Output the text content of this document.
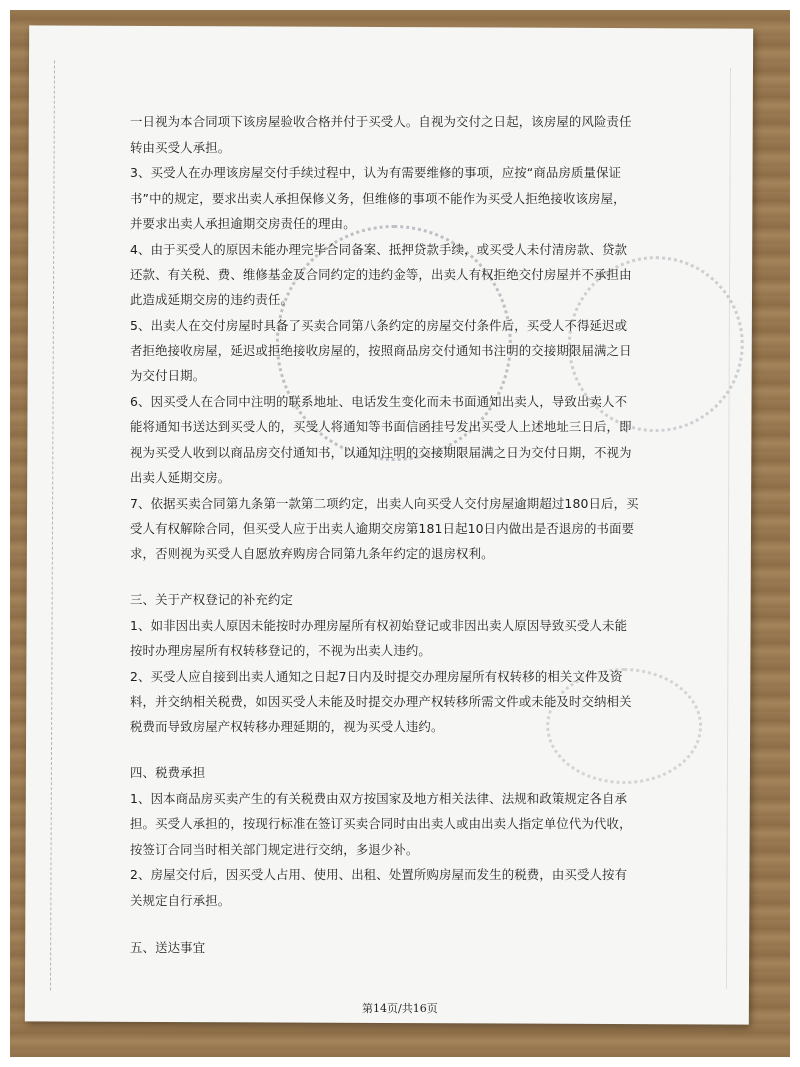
一日视为本合同项下该房屋验收合格并付于买受人。自视为交付之日起，该房屋的风险责任
转由买受人承担。
3、买受人在办理该房屋交付手续过程中，认为有需要维修的事项，应按“商品房质量保证
书”中的规定，要求出卖人承担保修义务，但维修的事项不能作为买受人拒绝接收该房屋，
并要求出卖人承担逾期交房责任的理由。
4、由于买受人的原因未能办理完毕合同备案、抵押贷款手续，或买受人未付清房款、贷款
还款、有关税、费、维修基金及合同约定的违约金等，出卖人有权拒绝交付房屋并不承担由
此造成延期交房的违约责任。
5、出卖人在交付房屋时具备了买卖合同第八条约定的房屋交付条件后，买受人不得延迟或
者拒绝接收房屋，延迟或拒绝接收房屋的，按照商品房交付通知书注明的交接期限届满之日
为交付日期。
6、因买受人在合同中注明的联系地址、电话发生变化而未书面通知出卖人，导致出卖人不
能将通知书送达到买受人的，买受人将通知等书面信函挂号发出买受人上述地址三日后，即
视为买受人收到以商品房交付通知书，以通知注明的交接期限届满之日为交付日期，不视为
出卖人延期交房。
7、依据买卖合同第九条第一款第二项约定，出卖人向买受人交付房屋逾期超过180日后，买
受人有权解除合同，但买受人应于出卖人逾期交房第181日起10日内做出是否退房的书面要
求，否则视为买受人自愿放弃购房合同第九条年约定的退房权利。
三、关于产权登记的补充约定
1、如非因出卖人原因未能按时办理房屋所有权初始登记或非因出卖人原因导致买受人未能
按时办理房屋所有权转移登记的，不视为出卖人违约。
2、买受人应自接到出卖人通知之日起7日内及时提交办理房屋所有权转移的相关文件及资
料，并交纳相关税费，如因买受人未能及时提交办理产权转移所需文件或未能及时交纳相关
税费而导致房屋产权转移办理延期的，视为买受人违约。
四、税费承担
1、因本商品房买卖产生的有关税费由双方按国家及地方相关法律、法规和政策规定各自承
担。买受人承担的，按现行标准在签订买卖合同时由出卖人或由出卖人指定单位代为代收，
按签订合同当时相关部门规定进行交纳，多退少补。
2、房屋交付后，因买受人占用、使用、出租、处置所购房屋而发生的税费，由买受人按有
关规定自行承担。
五、送达事宜
第14页/共16页
